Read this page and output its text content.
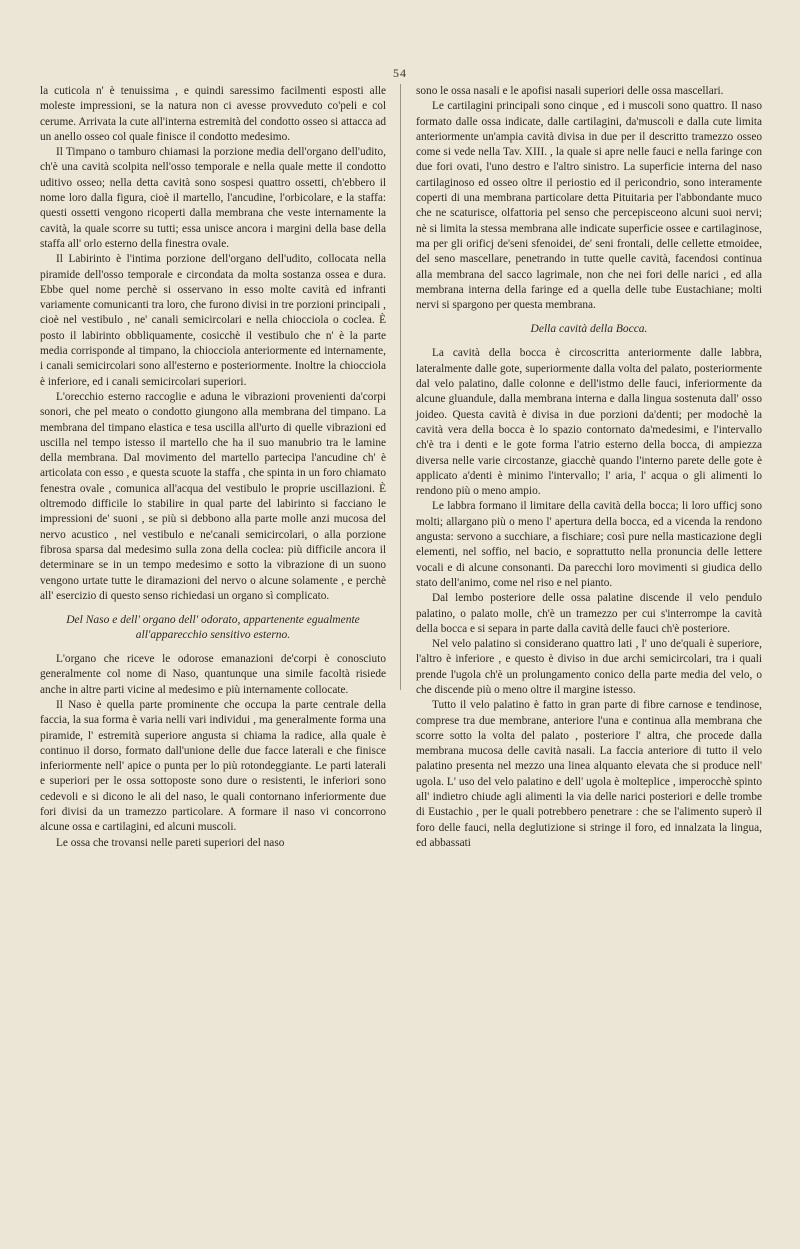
54

la cuticola n' è tenuissima , e quindi saressimo facilmenti esposti alle moleste impressioni, se la natura non ci avesse provveduto co'peli e col cerume. Arrivata la cute all'interna estremità del condotto osseo si attacca ad un anello osseo col quale finisce il condotto medesimo.

Il Timpano o tamburo chiamasi la porzione media dell'organo dell'udito, ch'è una cavità scolpita nell'osso temporale e nella quale mette il condotto uditivo osseo; nella detta cavità sono sospesi quattro ossetti, ch'ebbero il nome loro dalla figura, cioè il martello, l'ancudine, l'orbicolare, e la staffa: questi ossetti vengono ricoperti dalla membrana che veste internamente la cavità, la quale scorre su tutti; essa unisce ancora i margini della base della staffa all' orlo esterno della finestra ovale.

Il Labirinto è l'intima porzione dell'organo dell'udito, collocata nella piramide dell'osso temporale e circondata da molta sostanza ossea e dura. Ebbe quel nome perchè si osservano in esso molte cavità ed infranti variamente comunicanti tra loro, che furono divisi in tre porzioni principali , cioè nel vestibulo , ne' canali semicircolari e nella chiocciola o coclea. È posto il labirinto obbliquamente, cosicchè il vestibulo che n' è la parte media corrisponde al timpano, la chiocciola anteriormente ed internamente, i canali semicircolari sono all'esterno e posteriormente. Inoltre la chiocciola è inferiore, ed i canali semicircolari superiori.

L'orecchio esterno raccoglie e aduna le vibrazioni provenienti da'corpi sonori, che pel meato o condotto giungono alla membrana del timpano. La membrana del timpano elastica e tesa uscilla all'urto di quelle vibrazioni ed uscilla nel tempo istesso il martello che ha il suo manubrio tra le lamine della membrana. Dal movimento del martello partecipa l'ancudine ch' è articolata con esso , e questa scuote la staffa , che spinta in un foro chiamato fenestra ovale , comunica all'acqua del vestibulo le proprie uscillazioni. È oltremodo difficile lo stabilire in qual parte del labirinto si facciano le impressioni de' suoni , se più si debbono alla parte molle anzi mucosa del nervo acustico , nel vestibulo e ne'canali semicircolari, o alla porzione fibrosa sparsa dal medesimo sulla zona della coclea: più difficile ancora il determinare se in un tempo medesimo e sotto la vibrazione di un suono vengono urtate tutte le diramazioni del nervo o alcune solamente , e perchè all' esercizio di questo senso richiedasi un organo sì complicato.

Del Naso e dell' organo dell' odorato, appartenente egualmente all'apparecchio sensitivo esterno.

L'organo che riceve le odorose emanazioni de'corpi è conosciuto generalmente col nome di Naso, quantunque una simile facoltà risiede anche in altre parti vicine al medesimo e più internamente collocate.

Il Naso è quella parte prominente che occupa la parte centrale della faccia, la sua forma è varia nelli vari individui , ma generalmente forma una piramide, l' estremità superiore angusta si chiama la radice, alla quale è continuo il dorso, formato dall'unione delle due facce laterali e che finisce inferiormente nell' apice o punta per lo più rotondeggiante. Le parti laterali e superiori per le ossa sottoposte sono dure o resistenti, le inferiori sono cedevoli e si dicono le ali del naso, le quali contornano inferiormente due fori divisi da un tramezzo particolare. A formare il naso vi concorrono alcune ossa e cartilagini, ed alcuni muscoli.

Le ossa che trovansi nelle pareti superiori del naso

sono le ossa nasali e le apofisi nasali superiori delle ossa mascellari.

Le cartilagini principali sono cinque , ed i muscoli sono quattro. Il naso formato dalle ossa indicate, dalle cartilagini, da'muscoli e dalla cute limita anteriormente un'ampia cavità divisa in due per il descritto tramezzo osseo come si vede nella Tav. XIII. , la quale si apre nelle fauci e nella faringe con due fori ovati, l'uno destro e l'altro sinistro. La superficie interna del naso cartilaginoso ed osseo oltre il periostio ed il pericondrio, sono interamente coperti di una membrana particolare detta Pituitaria per l'abbondante muco che ne scaturisce, olfattoria pel senso che percepisceono alcuni suoi nervi; nè si limita la stessa membrana alle indicate superficie ossee e cartilaginose, ma per gli orificj de'seni sfenoidei, de' seni frontali, delle cellette etmoidee, del seno mascellare, penetrando in tutte quelle cavità, facendosi continua alla membrana del sacco lagrimale, non che nei fori delle narici , ed alla membrana interna della faringe ed a quella delle tube Eustachiane; molti nervi si spargono per questa membrana.

Della cavità della Bocca.

La cavità della bocca è circoscritta anteriormente dalle labbra, lateralmente dalle gote, superiormente dalla volta del palato, posteriormente dal velo palatino, dalle colonne e dell'istmo delle fauci, inferiormente da alcune gluandule, dalla membrana interna e dalla lingua sostenuta dall' osso joideo. Questa cavità è divisa in due porzioni da'denti; per modochè la cavità vera della bocca è lo spazio contornato da'medesimi, e l'intervallo ch'è tra i denti e le gote forma l'atrio esterno della bocca, di ampiezza diversa nelle varie circostanze, giacchè quando l'interno parete delle gote è applicato a'denti è minimo l'intervallo; l' aria, l' acqua o gli alimenti lo rendono più o meno ampio.

Le labbra formano il limitare della cavità della bocca; li loro ufficj sono molti; allargano più o meno l' apertura della bocca, ed a vicenda la rendono angusta: servono a succhiare, a fischiare; così pure nella masticazione degli elementi, nel soffio, nel bacio, e soprattutto nella pronuncia delle lettere vocali e di alcune consonanti. Da parecchi loro movimenti si giudica dello stato dell'animo, come nel riso e nel pianto.

Dal lembo posteriore delle ossa palatine discende il velo pendulo palatino, o palato molle, ch'è un tramezzo per cui s'interrompe la cavità della bocca e si separa in parte dalla cavità delle fauci ch'è posteriore.

Nel velo palatino si considerano quattro lati , l' uno de'quali è superiore, l'altro è inferiore , e questo è diviso in due archi semicircolari, tra i quali prende l'ugola ch'è un prolungamento conico della parte media del velo, o che discende più o meno oltre il margine istesso.

Tutto il velo palatino è fatto in gran parte di fibre carnose e tendinose, comprese tra due membrane, anteriore l'una e continua alla membrana che scorre sotto la volta del palato , posteriore l' altra, che procede dalla membrana mucosa delle cavità nasali. La faccia anteriore di tutto il velo palatino presenta nel mezzo una linea alquanto elevata che si produce nell' ugola. L' uso del velo palatino e dell' ugola è molteplice , imperocchè spinto all' indietro chiude agli alimenti la via delle narici posteriori e delle trombe di Eustachio , per le quali potrebbero penetrare : che se l'alimento superò il foro delle fauci, nella deglutizione si stringe il foro, ed innalzata la lingua, ed abbassati
